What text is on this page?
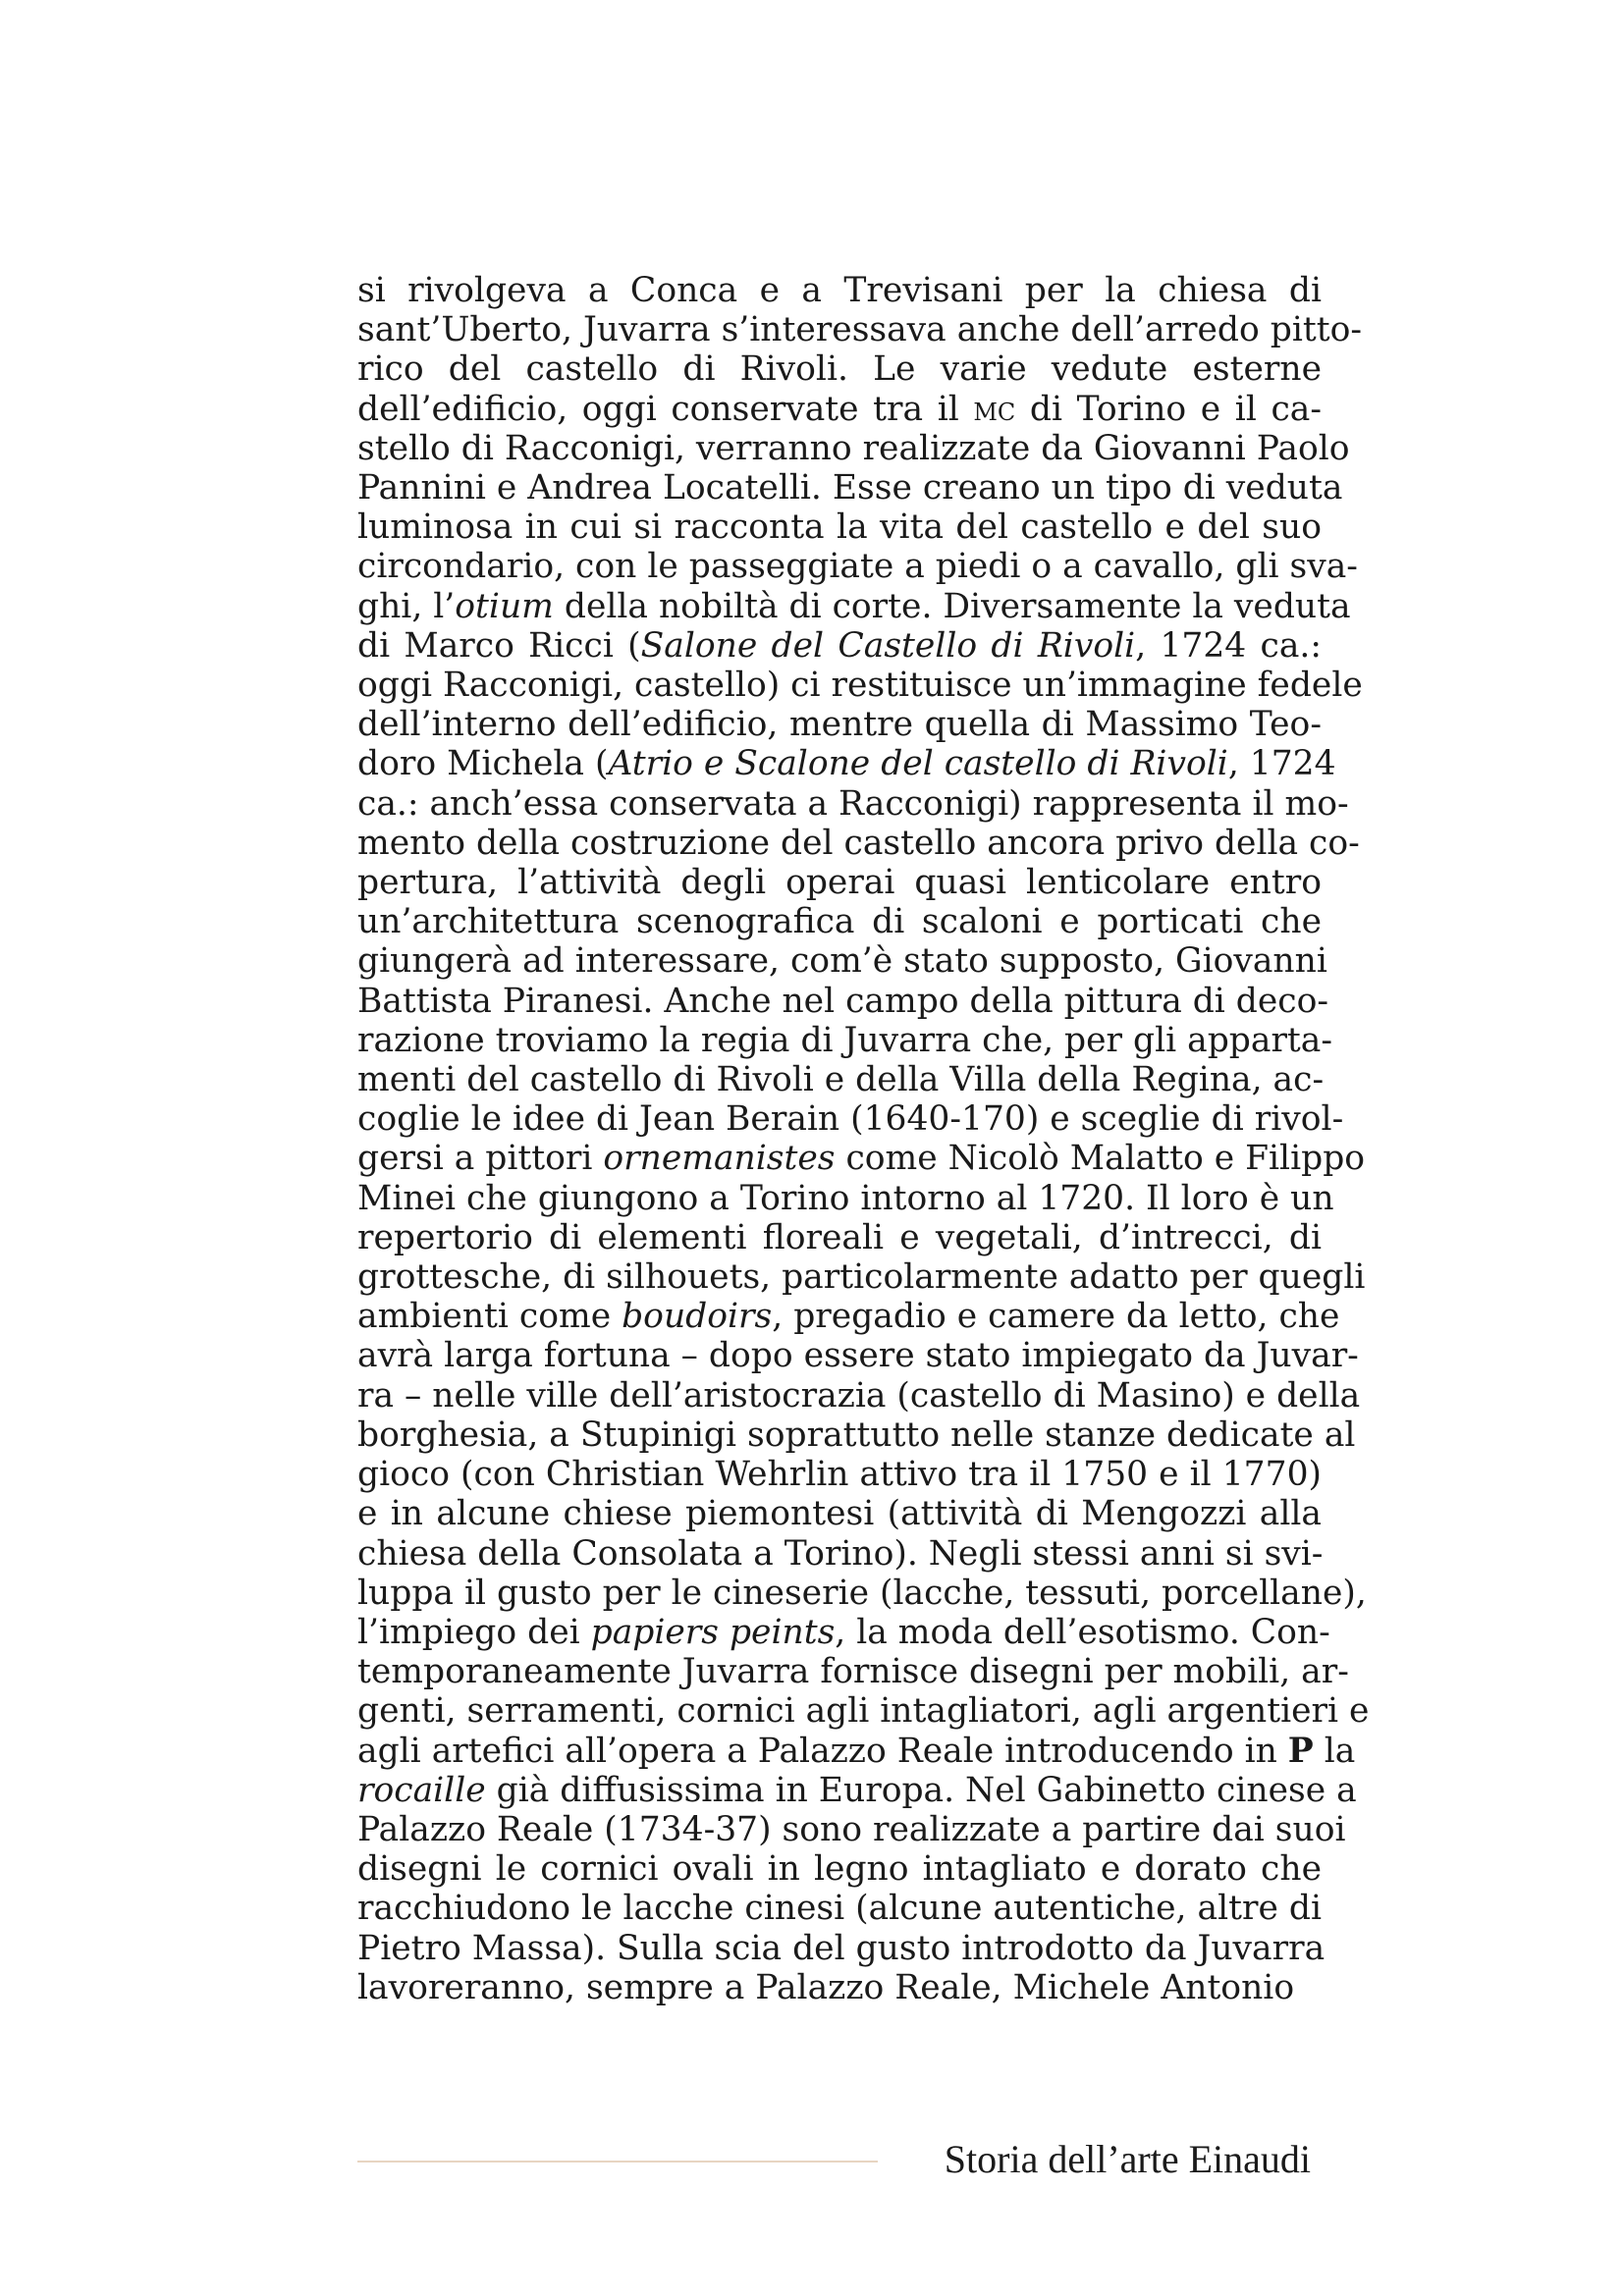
si rivolgeva a Conca e a Trevisani per la chiesa di
sant’Uberto, Juvarra s’interessava anche dell’arredo pitto-
rico del castello di Rivoli. Le varie vedute esterne
dell’edificio, oggi conservate tra il mc di Torino e il ca-
stello di Racconigi, verranno realizzate da Giovanni Paolo
Pannini e Andrea Locatelli. Esse creano un tipo di veduta
luminosa in cui si racconta la vita del castello e del suo
circondario, con le passeggiate a piedi o a cavallo, gli sva-
ghi, l’otium della nobiltà di corte. Diversamente la veduta
di Marco Ricci (Salone del Castello di Rivoli, 1724 ca.:
oggi Racconigi, castello) ci restituisce un’immagine fedele
dell’interno dell’edificio, mentre quella di Massimo Teo-
doro Michela (Atrio e Scalone del castello di Rivoli, 1724
ca.: anch’essa conservata a Racconigi) rappresenta il mo-
mento della costruzione del castello ancora privo della co-
pertura, l’attività degli operai quasi lenticolare entro
un’architettura scenografica di scaloni e porticati che
giungerà ad interessare, com’è stato supposto, Giovanni
Battista Piranesi. Anche nel campo della pittura di deco-
razione troviamo la regia di Juvarra che, per gli apparta-
menti del castello di Rivoli e della Villa della Regina, ac-
coglie le idee di Jean Berain (1640-170) e sceglie di rivol-
gersi a pittori ornemanistes come Nicolò Malatto e Filippo
Minei che giungono a Torino intorno al 1720. Il loro è un
repertorio di elementi floreali e vegetali, d’intrecci, di
grottesche, di silhouets, particolarmente adatto per quegli
ambienti come boudoirs, pregadio e camere da letto, che
avrà larga fortuna – dopo essere stato impiegato da Juvar-
ra – nelle ville dell’aristocrazia (castello di Masino) e della
borghesia, a Stupinigi soprattutto nelle stanze dedicate al
gioco (con Christian Wehrlin attivo tra il 1750 e il 1770)
e in alcune chiese piemontesi (attività di Mengozzi alla
chiesa della Consolata a Torino). Negli stessi anni si svi-
luppa il gusto per le cineserie (lacche, tessuti, porcellane),
l’impiego dei papiers peints, la moda dell’esotismo. Con-
temporaneamente Juvarra fornisce disegni per mobili, ar-
genti, serramenti, cornici agli intagliatori, agli argentieri e
agli artefici all’opera a Palazzo Reale introducendo in P la
rocaille già diffusissima in Europa. Nel Gabinetto cinese a
Palazzo Reale (1734-37) sono realizzate a partire dai suoi
disegni le cornici ovali in legno intagliato e dorato che
racchiudono le lacche cinesi (alcune autentiche, altre di
Pietro Massa). Sulla scia del gusto introdotto da Juvarra
lavoreranno, sempre a Palazzo Reale, Michele Antonio
Storia dell’arte Einaudi
